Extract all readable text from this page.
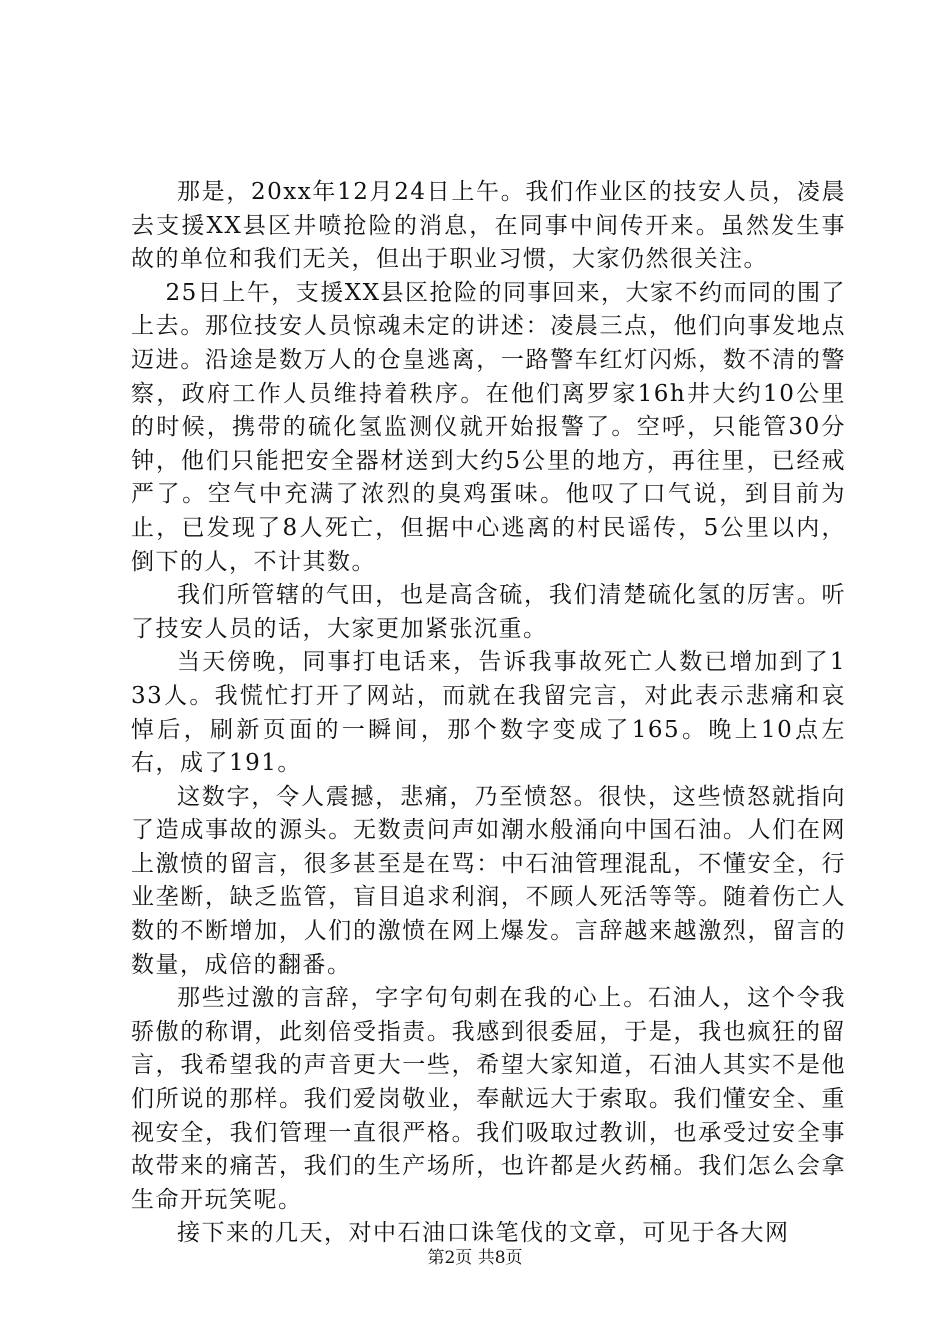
那是，20xx年12月24日上午。我们作业区的技安人员，凌晨去支援XX县区井喷抢险的消息，在同事中间传开来。虽然发生事故的单位和我们无关，但出于职业习惯，大家仍然很关注。

25日上午，支援XX县区抢险的同事回来，大家不约而同的围了上去。那位技安人员惊魂未定的讲述：凌晨三点，他们向事发地点迈进。沿途是数万人的仓皇逃离，一路警车红灯闪烁，数不清的警察，政府工作人员维持着秩序。在他们离罗家16h井大约10公里的时候，携带的硫化氢监测仪就开始报警了。空呼，只能管30分钟，他们只能把安全器材送到大约5公里的地方，再往里，已经戒严了。空气中充满了浓烈的臭鸡蛋味。他叹了口气说，到目前为止，已发现了8人死亡，但据中心逃离的村民谣传，5公里以内，倒下的人，不计其数。

我们所管辖的气田，也是高含硫，我们清楚硫化氢的厉害。听了技安人员的话，大家更加紧张沉重。

当天傍晚，同事打电话来，告诉我事故死亡人数已增加到了133人。我慌忙打开了网站，而就在我留完言，对此表示悲痛和哀悼后，刷新页面的一瞬间，那个数字变成了165。晚上10点左右，成了191。

这数字，令人震撼，悲痛，乃至愤怒。很快，这些愤怒就指向了造成事故的源头。无数责问声如潮水般涌向中国石油。人们在网上激愤的留言，很多甚至是在骂：中石油管理混乱，不懂安全，行业垄断，缺乏监管，盲目追求利润，不顾人死活等等。随着伤亡人数的不断增加，人们的激愤在网上爆发。言辞越来越激烈，留言的数量，成倍的翻番。

那些过激的言辞，字字句句刺在我的心上。石油人，这个令我骄傲的称谓，此刻倍受指责。我感到很委屈，于是，我也疯狂的留言，我希望我的声音更大一些，希望大家知道，石油人其实不是他们所说的那样。我们爱岗敬业，奉献远大于索取。我们懂安全、重视安全，我们管理一直很严格。我们吸取过教训，也承受过安全事故带来的痛苦，我们的生产场所，也许都是火药桶。我们怎么会拿生命开玩笑呢。

接下来的几天，对中石油口诛笔伐的文章，可见于各大网

第2页 共8页
